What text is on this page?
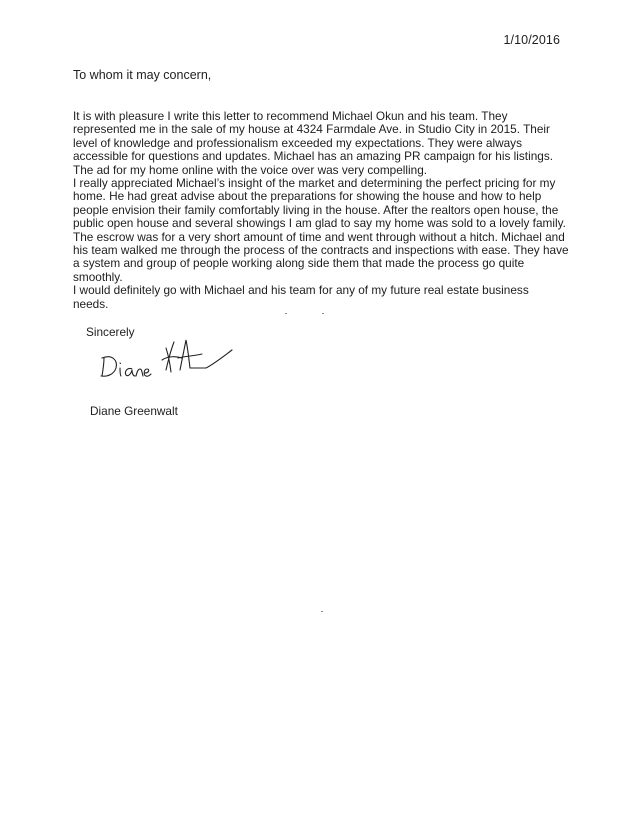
1/10/2016
To whom it may concern,
It is with pleasure I write this letter to recommend Michael Okun and his team. They
represented me in the sale of my house at 4324 Farmdale Ave. in Studio City in 2015. Their
level of knowledge and professionalism exceeded my expectations. They were always
accessible for questions and updates. Michael has an amazing PR campaign for his listings.
The ad for my home online with the voice over was very compelling.
I really appreciated Michael’s insight of the market and determining the perfect pricing for my
home. He had great advise about the preparations for showing the house and how to help
people envision their family comfortably living in the house. After the realtors open house, the
public open house and several showings I am glad to say my home was sold to a lovely family.
The escrow was for a very short amount of time and went through without a hitch. Michael and
his team walked me through the process of the contracts and inspections with ease. They have
a system and group of people working along side them that made the process go quite
smoothly.
I would definitely go with Michael and his team for any of my future real estate business
needs.
Sincerely
Diane Greenwalt
